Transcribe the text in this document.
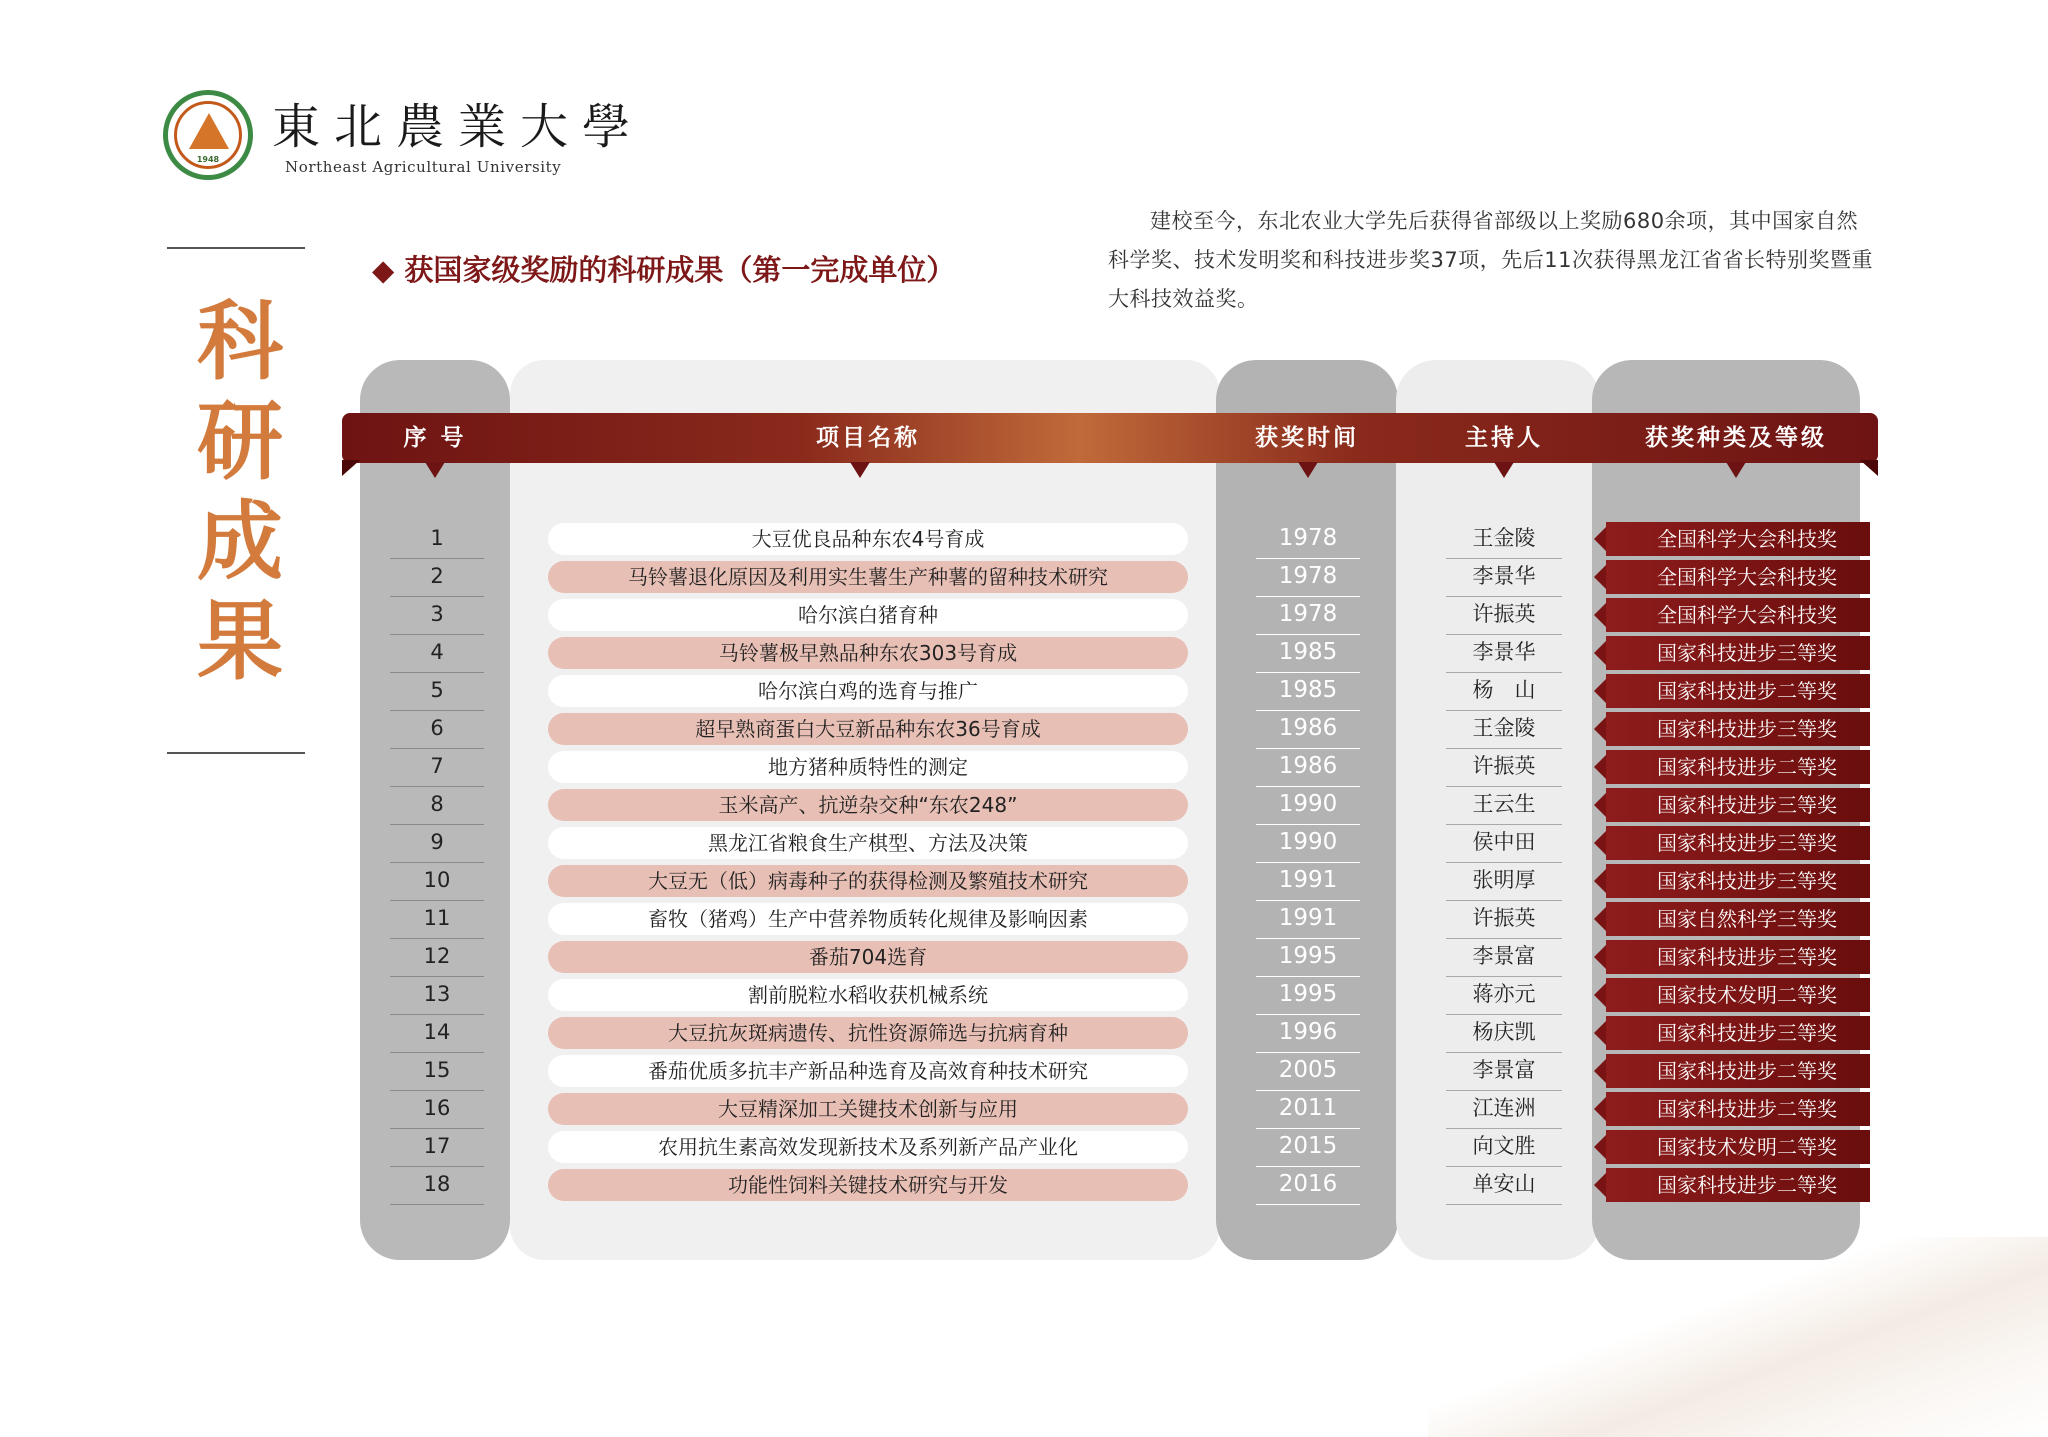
1948
東北農業大學
Northeast Agricultural University
科
研
成
果
◆ 获国家级奖励的科研成果（第一完成单位）
建校至今，东北农业大学先后获得省部级以上奖励680余项，其中国家自然科学奖、技术发明奖和科技进步奖37项，先后11次获得黑龙江省省长特别奖暨重大科技效益奖。
序 号	项目名称	获奖时间	主持人	获奖种类及等级
1	大豆优良品种东农4号育成	1978	王金陵	全国科学大会科技奖
2	马铃薯退化原因及利用实生薯生产种薯的留种技术研究	1978	李景华	全国科学大会科技奖
3	哈尔滨白猪育种	1978	许振英	全国科学大会科技奖
4	马铃薯极早熟品种东农303号育成	1985	李景华	国家科技进步三等奖
5	哈尔滨白鸡的选育与推广	1985	杨　山	国家科技进步二等奖
6	超早熟商蛋白大豆新品种东农36号育成	1986	王金陵	国家科技进步三等奖
7	地方猪种质特性的测定	1986	许振英	国家科技进步二等奖
8	玉米高产、抗逆杂交种“东农248”	1990	王云生	国家科技进步三等奖
9	黑龙江省粮食生产棋型、方法及决策	1990	侯中田	国家科技进步三等奖
10	大豆无（低）病毒种子的获得检测及繁殖技术研究	1991	张明厚	国家科技进步三等奖
11	畜牧（猪鸡）生产中营养物质转化规律及影响因素	1991	许振英	国家自然科学三等奖
12	番茄704选育	1995	李景富	国家科技进步三等奖
13	割前脱粒水稻收获机械系统	1995	蒋亦元	国家技术发明二等奖
14	大豆抗灰斑病遗传、抗性资源筛选与抗病育种	1996	杨庆凯	国家科技进步三等奖
15	番茄优质多抗丰产新品种选育及高效育种技术研究	2005	李景富	国家科技进步二等奖
16	大豆精深加工关键技术创新与应用	2011	江连洲	国家科技进步二等奖
17	农用抗生素高效发现新技术及系列新产品产业化	2015	向文胜	国家技术发明二等奖
18	功能性饲料关键技术研究与开发	2016	单安山	国家科技进步二等奖
